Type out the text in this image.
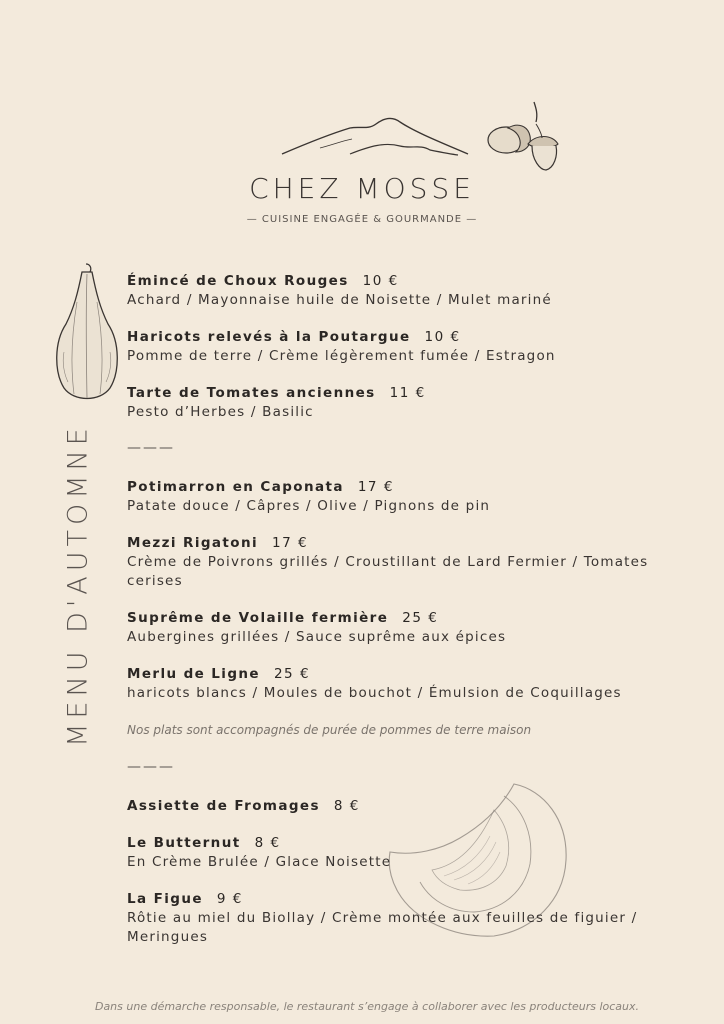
CHEZ MOSSE
— CUISINE ENGAGÉE & GOURMANDE —
MENU D'AUTOMNE
Émincé de Choux Rouges 10 €
Achard / Mayonnaise huile de Noisette / Mulet mariné
Haricots relevés à la Poutargue 10 €
Pomme de terre / Crème légèrement fumée / Estragon
Tarte de Tomates anciennes 11 €
Pesto d’Herbes / Basilic
———
Potimarron en Caponata 17 €
Patate douce / Câpres / Olive / Pignons de pin
Mezzi Rigatoni 17 €
Crème de Poivrons grillés / Croustillant de Lard Fermier / Tomates cerises
Suprême de Volaille fermière 25 €
Aubergines grillées / Sauce suprême aux épices
Merlu de Ligne 25 €
haricots blancs / Moules de bouchot / Émulsion de Coquillages
Nos plats sont accompagnés de purée de pommes de terre maison
———
Assiette de Fromages 8 €
Le Butternut 8 €
En Crème Brulée / Glace Noisette
La Figue 9 €
Rôtie au miel du Biollay / Crème montée aux feuilles de figuier / Meringues
Dans une démarche responsable, le restaurant s’engage à collaborer avec les producteurs locaux.
